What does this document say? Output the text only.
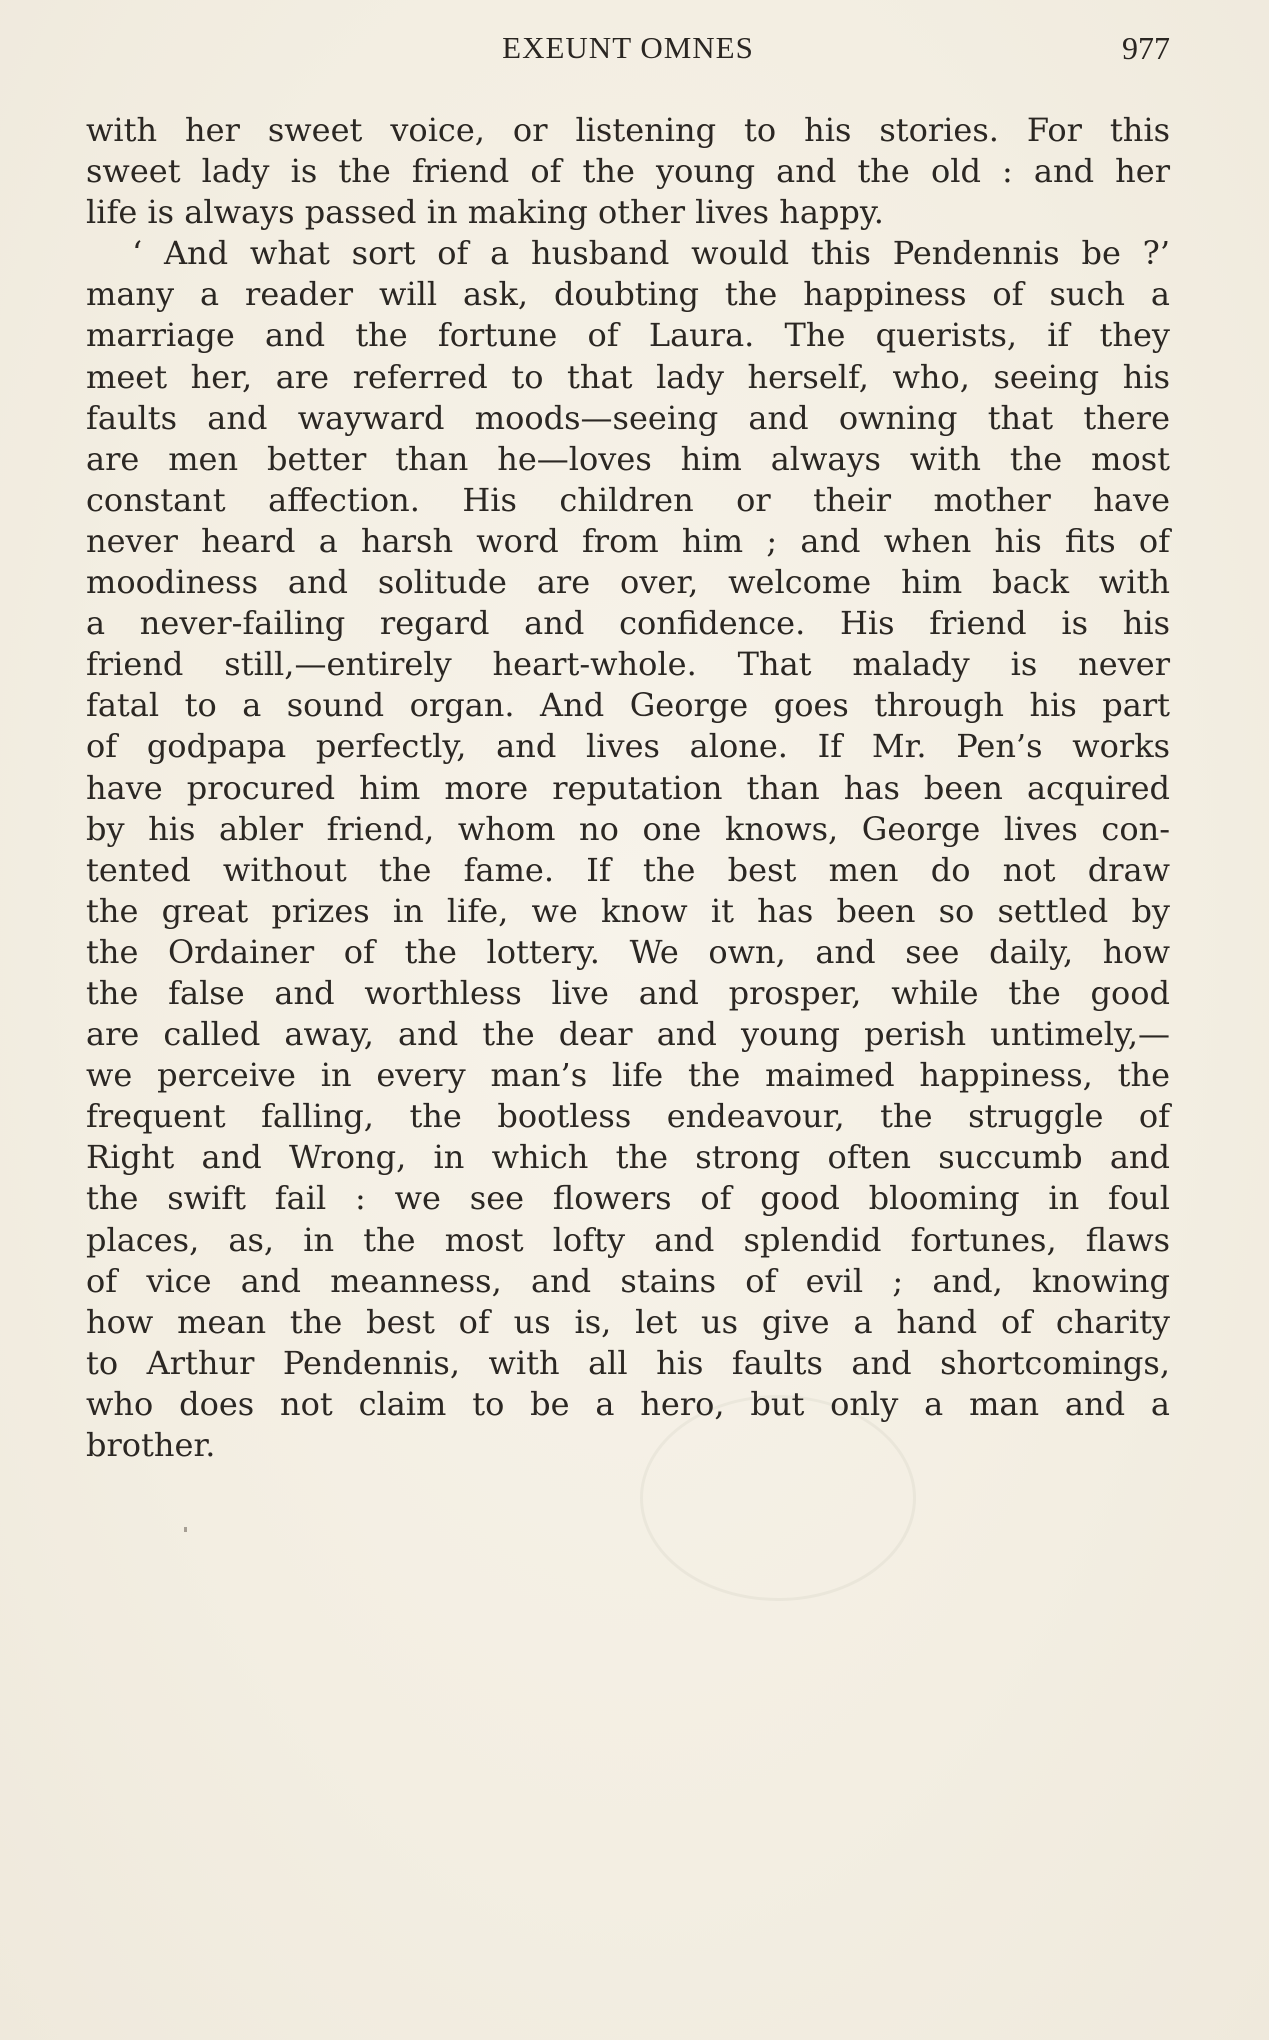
EXEUNT OMNES	977
with her sweet voice, or listening to his stories. For this
sweet lady is the friend of the young and the old : and her
life is always passed in making other lives happy.
‘ And what sort of a husband would this Pendennis be ?’
many a reader will ask, doubting the happiness of such a
marriage and the fortune of Laura. The querists, if they
meet her, are referred to that lady herself, who, seeing his
faults and wayward moods—seeing and owning that there
are men better than he—loves him always with the most
constant affection. His children or their mother have
never heard a harsh word from him ; and when his fits of
moodiness and solitude are over, welcome him back with
a never-failing regard and confidence. His friend is his
friend still,—entirely heart-whole. That malady is never
fatal to a sound organ. And George goes through his part
of godpapa perfectly, and lives alone. If Mr. Pen’s works
have procured him more reputation than has been acquired
by his abler friend, whom no one knows, George lives con-
tented without the fame. If the best men do not draw
the great prizes in life, we know it has been so settled by
the Ordainer of the lottery. We own, and see daily, how
the false and worthless live and prosper, while the good
are called away, and the dear and young perish untimely,—
we perceive in every man’s life the maimed happiness, the
frequent falling, the bootless endeavour, the struggle of
Right and Wrong, in which the strong often succumb and
the swift fail : we see flowers of good blooming in foul
places, as, in the most lofty and splendid fortunes, flaws
of vice and meanness, and stains of evil ; and, knowing
how mean the best of us is, let us give a hand of charity
to Arthur Pendennis, with all his faults and shortcomings,
who does not claim to be a hero, but only a man and a
brother.
